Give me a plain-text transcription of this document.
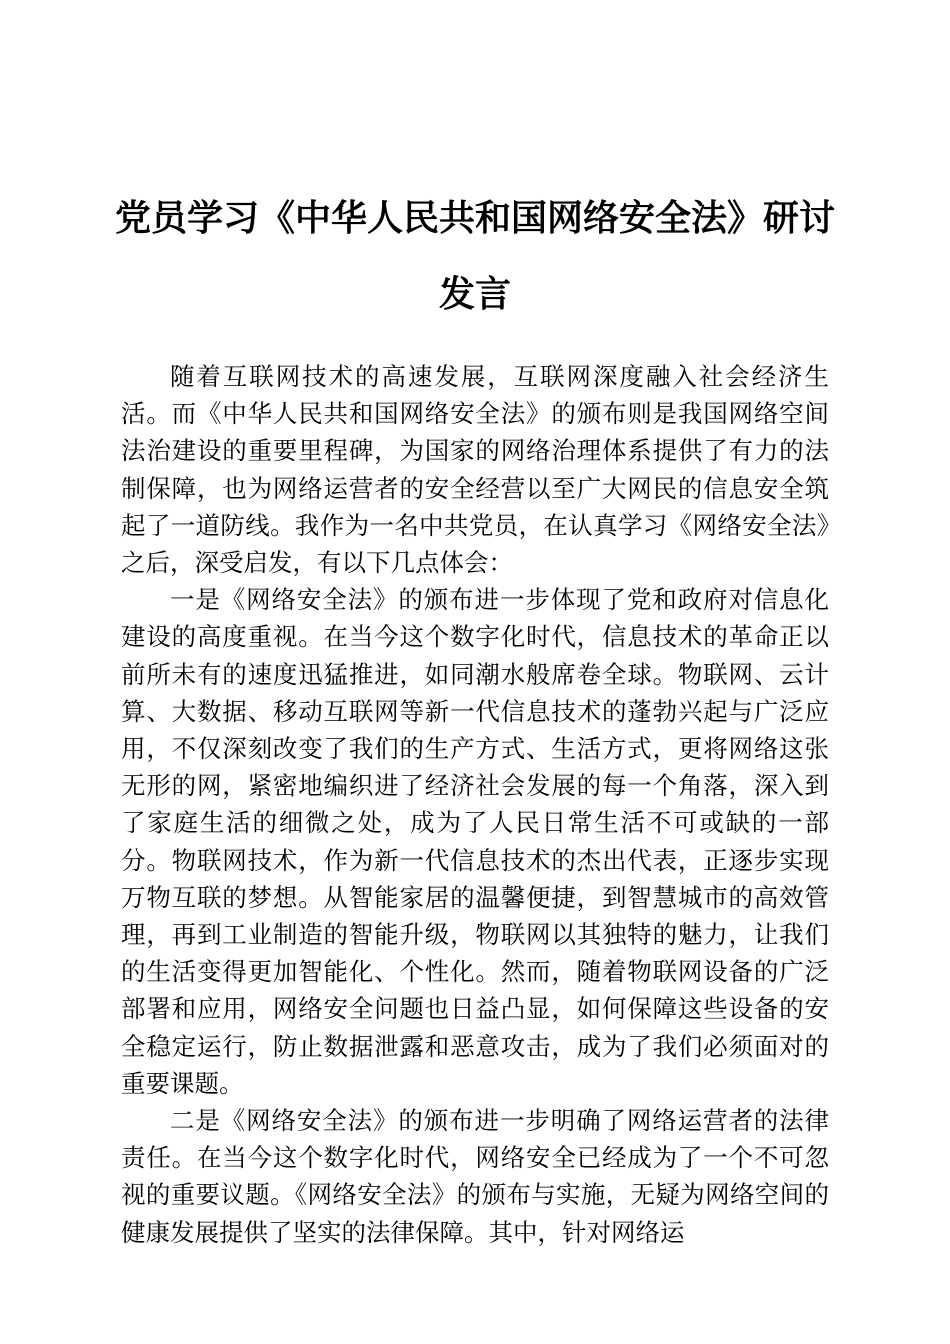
党员学习《中华人民共和国网络安全法》研讨发言

随着互联网技术的高速发展，互联网深度融入社会经济生活。而《中华人民共和国网络安全法》的颁布则是我国网络空间法治建设的重要里程碑，为国家的网络治理体系提供了有力的法制保障，也为网络运营者的安全经营以至广大网民的信息安全筑起了一道防线。我作为一名中共党员，在认真学习《网络安全法》之后，深受启发，有以下几点体会：

一是《网络安全法》的颁布进一步体现了党和政府对信息化建设的高度重视。在当今这个数字化时代，信息技术的革命正以前所未有的速度迅猛推进，如同潮水般席卷全球。物联网、云计算、大数据、移动互联网等新一代信息技术的蓬勃兴起与广泛应用，不仅深刻改变了我们的生产方式、生活方式，更将网络这张无形的网，紧密地编织进了经济社会发展的每一个角落，深入到了家庭生活的细微之处，成为了人民日常生活不可或缺的一部分。物联网技术，作为新一代信息技术的杰出代表，正逐步实现万物互联的梦想。从智能家居的温馨便捷，到智慧城市的高效管理，再到工业制造的智能升级，物联网以其独特的魅力，让我们的生活变得更加智能化、个性化。然而，随着物联网设备的广泛部署和应用，网络安全问题也日益凸显，如何保障这些设备的安全稳定运行，防止数据泄露和恶意攻击，成为了我们必须面对的重要课题。

二是《网络安全法》的颁布进一步明确了网络运营者的法律责任。在当今这个数字化时代，网络安全已经成为了一个不可忽视的重要议题。《网络安全法》的颁布与实施，无疑为网络空间的健康发展提供了坚实的法律保障。其中，针对网络运
